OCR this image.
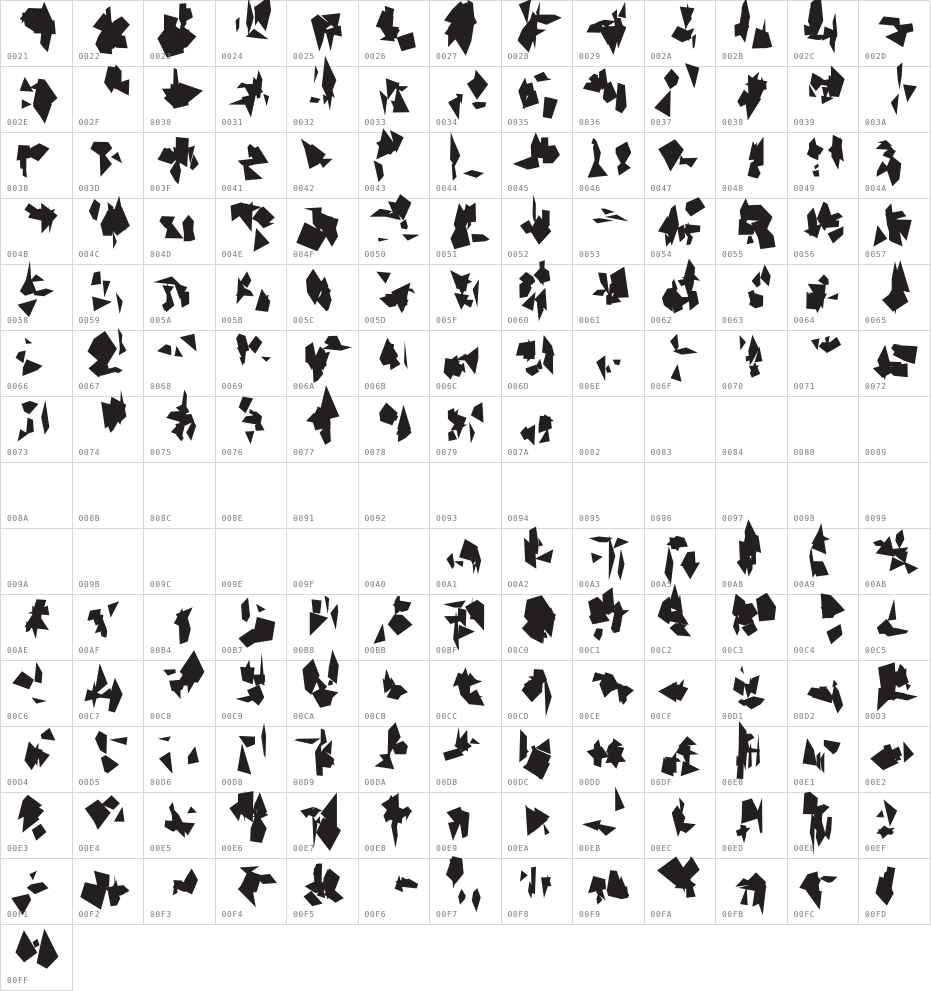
0021	0022	0023	0024	0025	0026	0027	0028	0029	002A	002B	002C	002D
002E	002F	0030	0031	0032	0033	0034	0035	0036	0037	0038	0039	003A
003B	003D	003F	0041	0042	0043	0044	0045	0046	0047	0048	0049	004A
004B	004C	004D	004E	004F	0050	0051	0052	0053	0054	0055	0056	0057
0058	0059	005A	005B	005C	005D	005F	0060	0061	0062	0063	0064	0065
0066	0067	0068	0069	006A	006B	006C	006D	006E	006F	0070	0071	0072
0073	0074	0075	0076	0077	0078	0079	007A	0082	0083	0084	0088	0089
008A	008B	008C	008E	0091	0092	0093	0094	0095	0096	0097	0098	0099
009A	009B	009C	009E	009F	00A0	00A1	00A2	00A3	00A5	00A8	00A9	00AB
00AE	00AF	00B4	00B7	00B8	00BB	00BF	00C0	00C1	00C2	00C3	00C4	00C5
00C6	00C7	00C8	00C9	00CA	00CB	00CC	00CD	00CE	00CF	00D1	00D2	00D3
00D4	00D5	00D6	00D8	00D9	00DA	00DB	00DC	00DD	00DF	00E0	00E1	00E2
00E3	00E4	00E5	00E6	00E7	00E8	00E9	00EA	00EB	00EC	00ED	00EE	00EF
00F1	00F2	00F3	00F4	00F5	00F6	00F7	00F8	00F9	00FA	00FB	00FC	00FD
00FF
